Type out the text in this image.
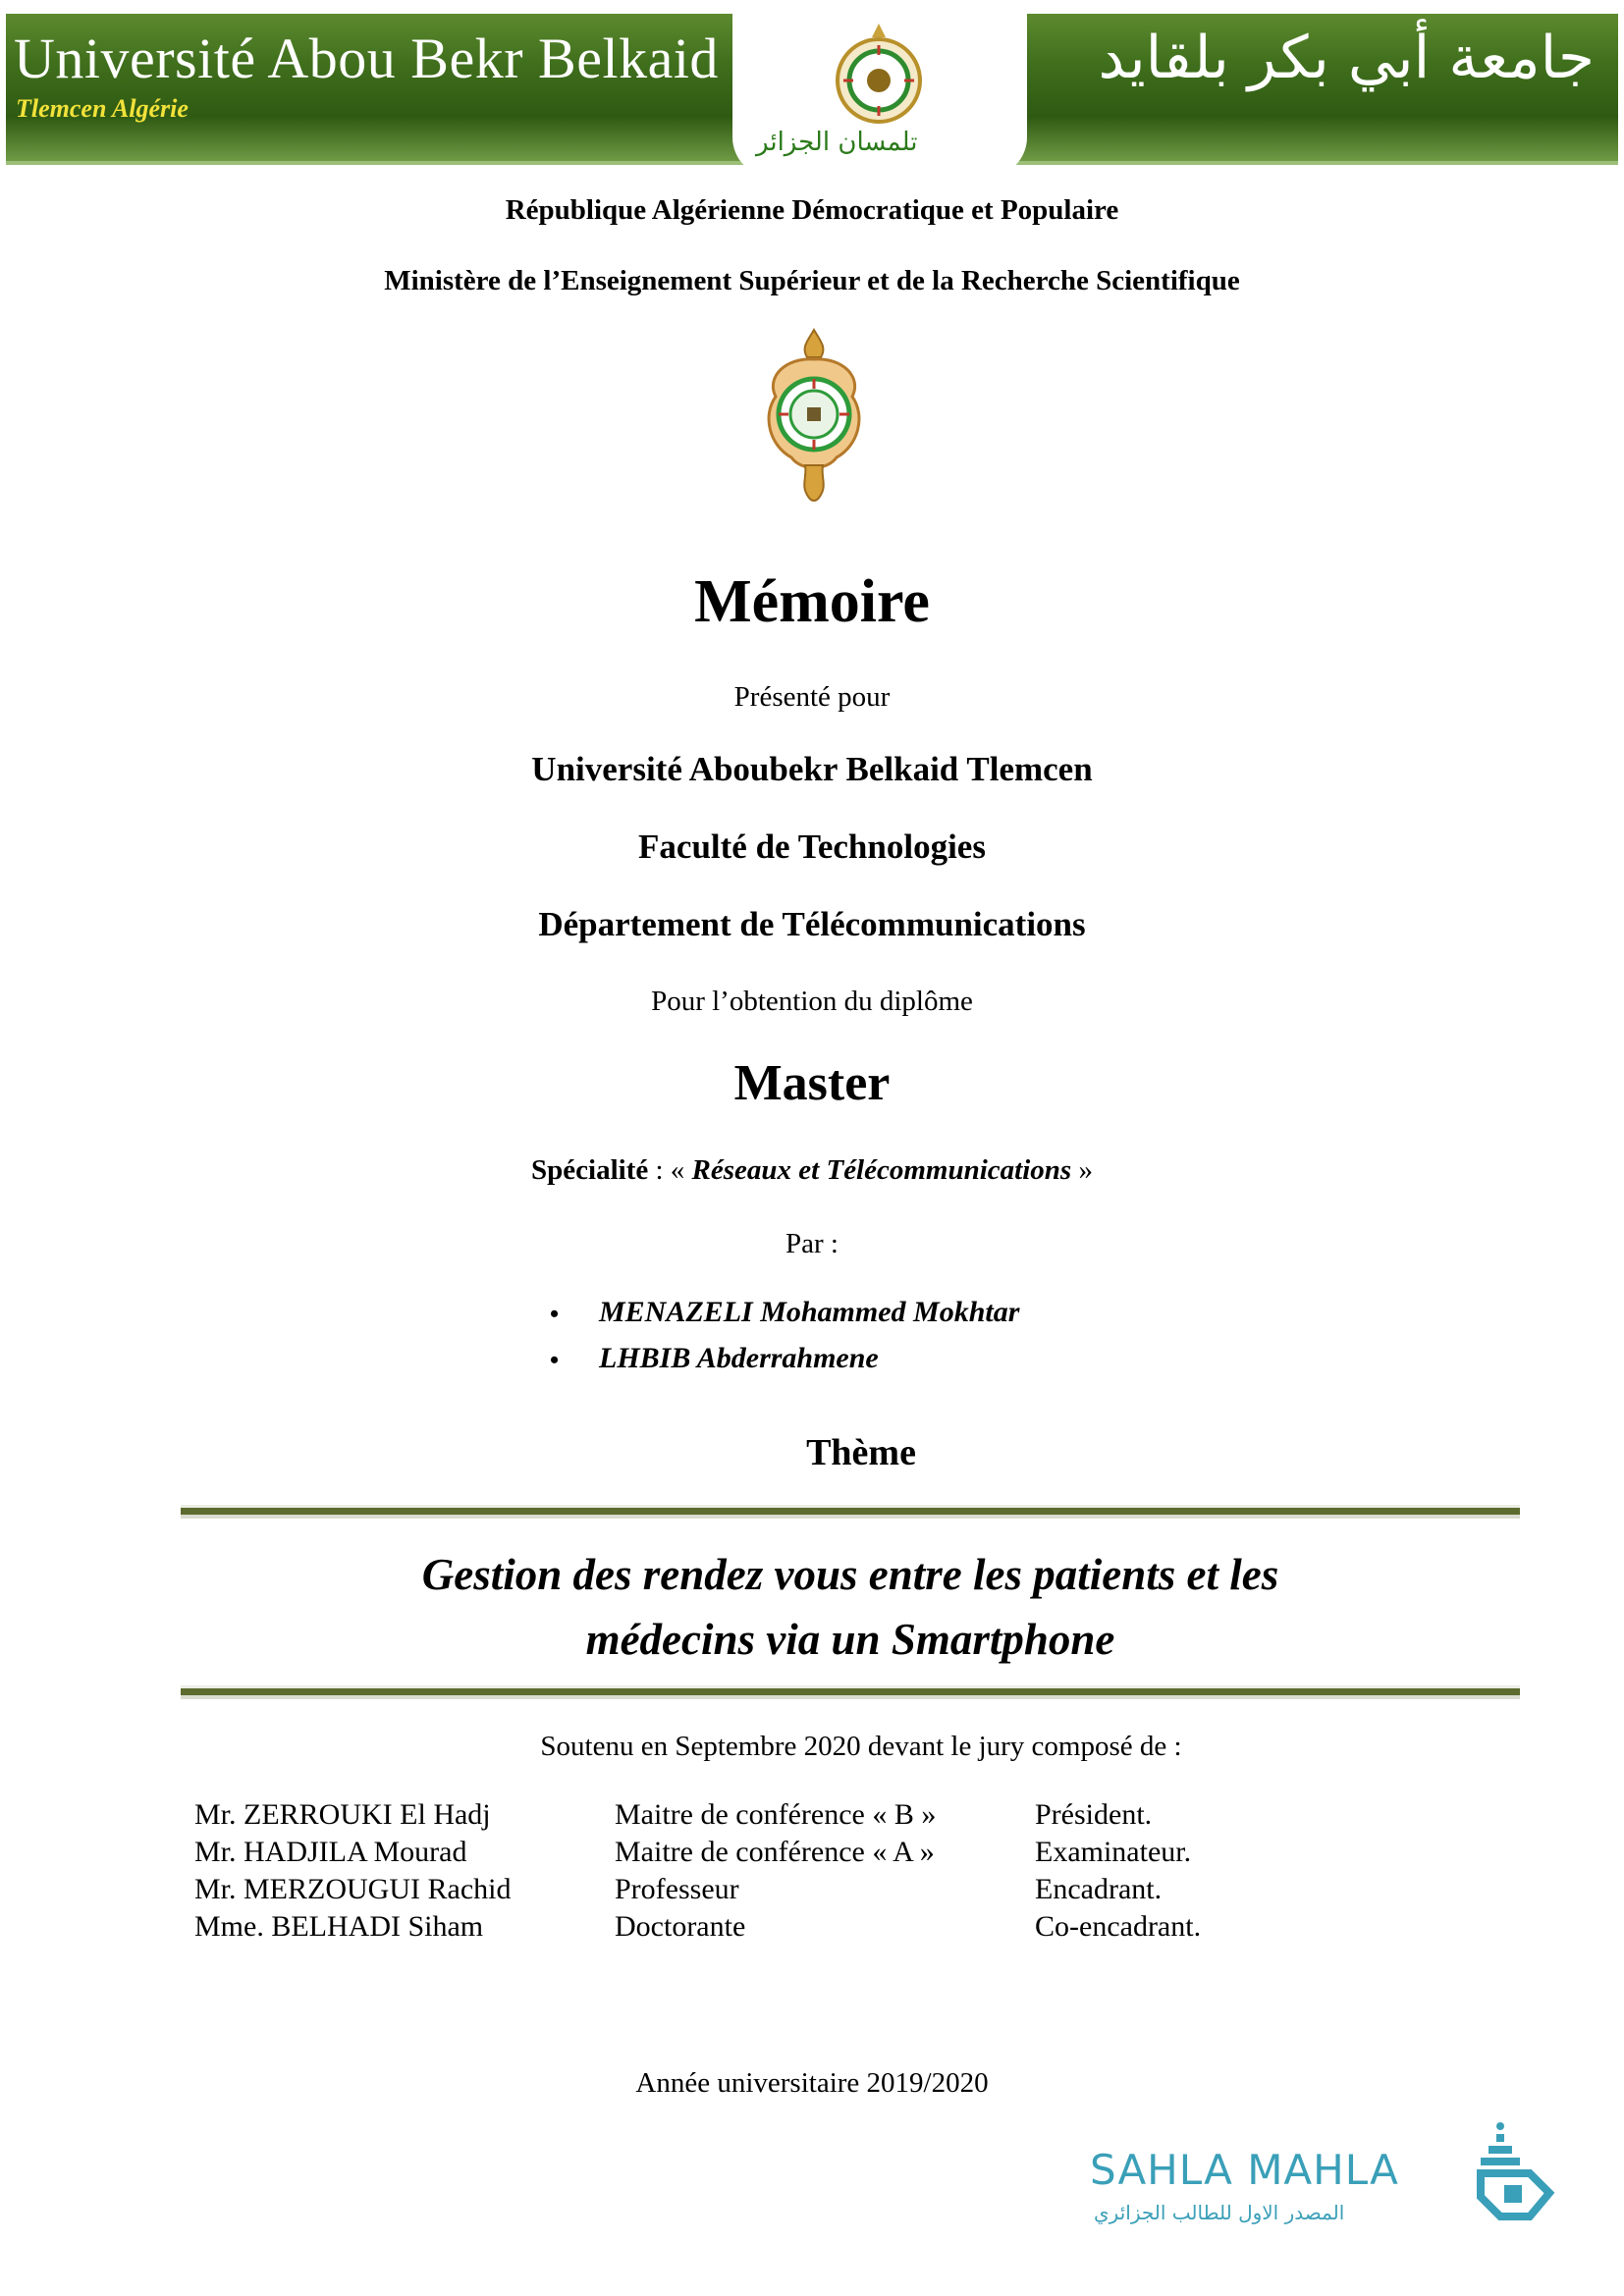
Université Abou Bekr Belkaid
Tlemcen Algérie
تلمسان الجزائر
جامعة أبي بكر بلقايد
République Algérienne Démocratique et Populaire
Ministère de l’Enseignement Supérieur et de la Recherche Scientifique
Mémoire
Présenté pour
Université Aboubekr Belkaid Tlemcen
Faculté de Technologies
Département de Télécommunications
Pour l’obtention du diplôme
Master
Spécialité : « Réseaux et Télécommunications »
Par :
• MENAZELI Mohammed Mokhtar
• LHBIB Abderrahmene
Thème
Gestion des rendez vous entre les patients et les
médecins via un Smartphone
Soutenu en Septembre 2020 devant le jury composé de :
Mr. ZERROUKI El Hadj	Maitre de conférence « B »	Président.
Mr. HADJILA Mourad	Maitre de conférence « A »	Examinateur.
Mr. MERZOUGUI Rachid	Professeur	Encadrant.
Mme. BELHADI Siham	Doctorante	Co-encadrant.
Année universitaire 2019/2020
SAHLA MAHLA
المصدر الاول للطالب الجزائري
